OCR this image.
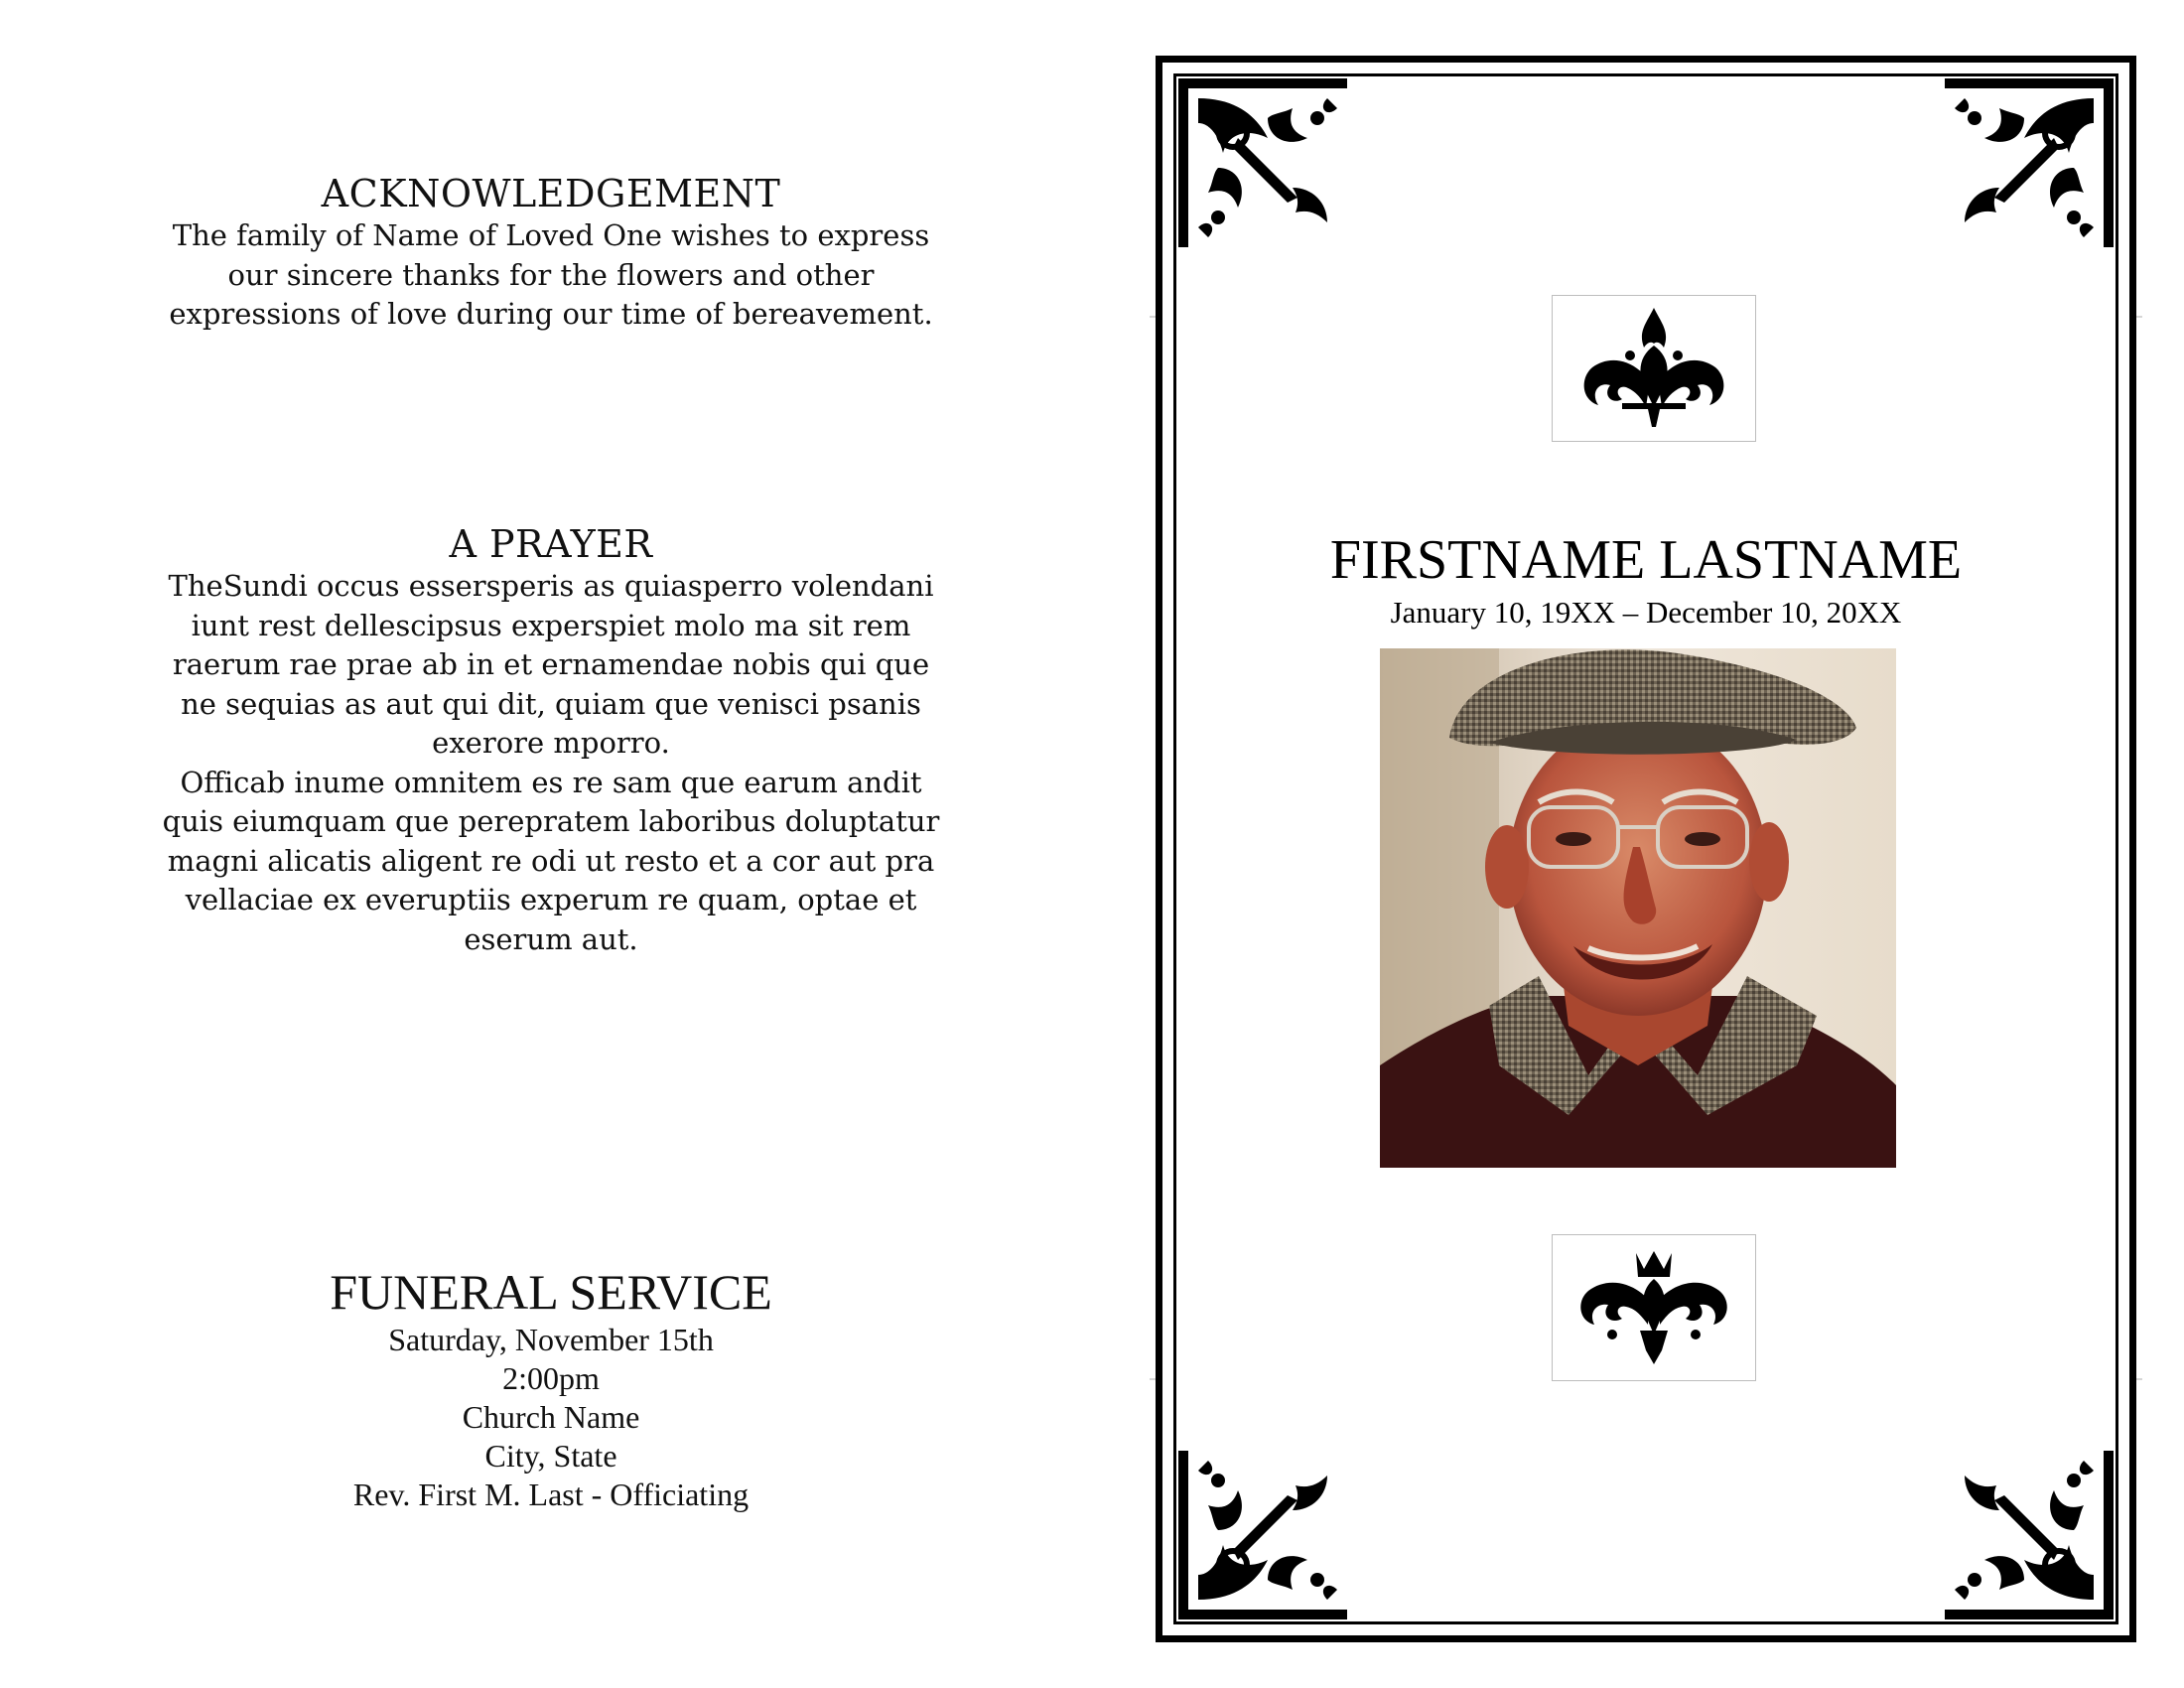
ACKNOWLEDGEMENT
The family of Name of Loved One wishes to express
our sincere thanks for the flowers and other
expressions of love during our time of bereavement.
A PRAYER
TheSundi occus essersperis as quiasperro volendani
iunt rest dellescipsus experspiet molo ma sit rem
raerum rae prae ab in et ernamendae nobis qui que
ne sequias as aut qui dit, quiam que venisci psanis
exerore mporro.
Officab inume omnitem es re sam que earum andit
quis eiumquam que perepratem laboribus doluptatur
magni alicatis aligent re odi ut resto et a cor aut pra
vellaciae ex everuptiis experum re quam, optae et
eserum aut.
FUNERAL SERVICE
Saturday, November 15th
2:00pm
Church Name
City, State
Rev. First M. Last - Officiating
FIRSTNAME LASTNAME
January 10, 19XX – December 10, 20XX
